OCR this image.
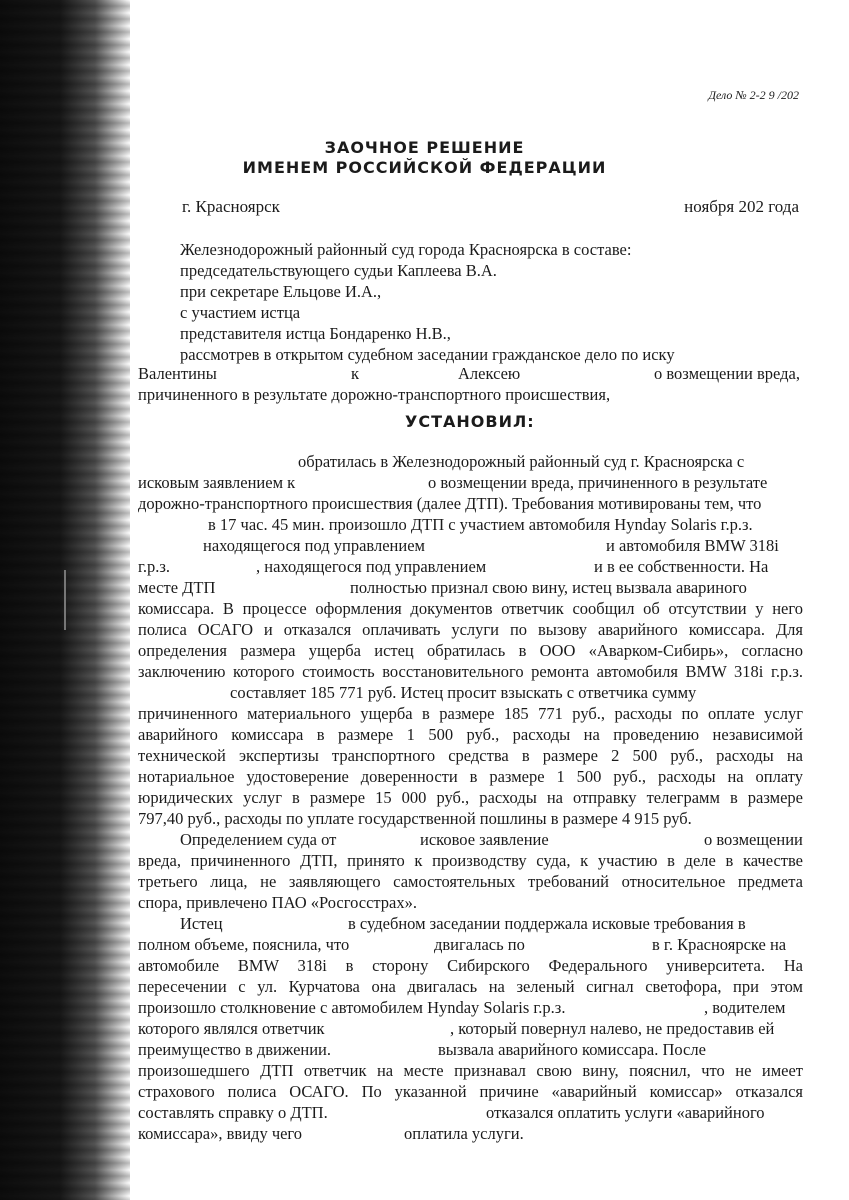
Дело № 2-2 9 /202
ЗАОЧНОЕ РЕШЕНИЕ
ИМЕНЕМ РОССИЙСКОЙ ФЕДЕРАЦИИ
г. Красноярск	ноября 202 года
Железнодорожный районный суд города Красноярска в составе:
председательствующего судьи Каплеева В.А.
при секретаре Ельцове И.А.,
с участием истца
представителя истца Бондаренко Н.В.,
рассмотрев в открытом судебном заседании гражданское дело по иску
Валентины	к	Алексею	о возмещении вреда,
причиненного в результате дорожно-транспортного происшествия,
УСТАНОВИЛ:
обратилась в Железнодорожный районный суд г. Красноярска с
исковым заявлением к	о возмещении вреда, причиненного в результате
дорожно-транспортного происшествия (далее ДТП). Требования мотивированы тем, что
в 17 час. 45 мин. произошло ДТП с участием автомобиля Hynday Solaris г.р.з.
находящегося под управлением	и автомобиля BMW 318i
г.р.з.	, находящегося под управлением	и в ее собственности. На
месте ДТП	полностью признал свою вину, истец вызвала авариного
комиссара. В процессе оформления документов ответчик сообщил об отсутствии у него
полиса ОСАГО и отказался оплачивать услуги по вызову аварийного комиссара. Для
определения размера ущерба истец обратилась в ООО «Аварком-Сибирь», согласно
заключению которого стоимость восстановительного ремонта автомобиля BMW 318i г.р.з.
составляет 185 771 руб. Истец просит взыскать с ответчика сумму
причиненного материального ущерба в размере 185 771 руб., расходы по оплате услуг
аварийного комиссара в размере 1 500 руб., расходы на проведению независимой
технической экспертизы транспортного средства в размере 2 500 руб., расходы на
нотариальное удостоверение доверенности в размере 1 500 руб., расходы на оплату
юридических услуг в размере 15 000 руб., расходы на отправку телеграмм в размере
797,40 руб., расходы по уплате государственной пошлины в размере 4 915 руб.
Определением суда от	исковое заявление	о возмещении
вреда, причиненного ДТП, принято к производству суда, к участию в деле в качестве
третьего лица, не заявляющего самостоятельных требований относительное предмета
спора, привлечено ПАО «Росгосстрах».
Истец	в судебном заседании поддержала исковые требования в
полном объеме, пояснила, что	двигалась по	в г. Красноярске на
автомобиле BMW 318i в сторону Сибирского Федерального университета. На
пересечении с ул. Курчатова она двигалась на зеленый сигнал светофора, при этом
произошло столкновение с автомобилем Hynday Solaris г.р.з.	, водителем
которого являлся ответчик	, который повернул налево, не предоставив ей
преимущество в движении.	вызвала аварийного комиссара. После
произошедшего ДТП ответчик на месте признавал свою вину, пояснил, что не имеет
страхового полиса ОСАГО. По указанной причине «аварийный комиссар» отказался
составлять справку о ДТП.	отказался оплатить услуги «аварийного
комиссара», ввиду чего	оплатила услуги.
